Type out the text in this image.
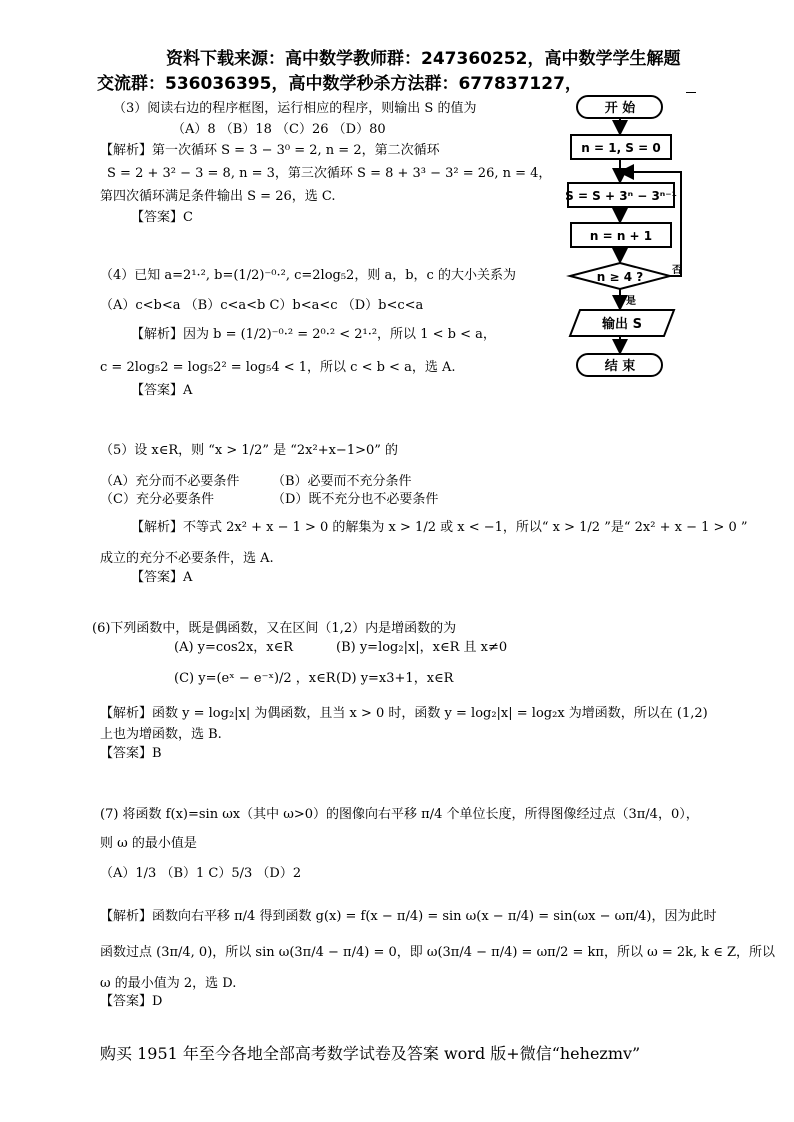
资料下载来源：高中数学教师群：247360252，高中数学学生解题
交流群：536036395，高中数学秒杀方法群：677837127，
（3）阅读右边的程序框图，运行相应的程序，则输出 S 的值为
（A）8 （B）18 （C）26 （D）80
【解析】第一次循环 S = 3 − 3⁰ = 2, n = 2，第二次循环
S = 2 + 3² − 3 = 8, n = 3，第三次循环 S = 8 + 3³ − 3² = 26, n = 4，
第四次循环满足条件输出 S = 26，选 C.
【答案】C
开 始
n = 1, S = 0
S = S + 3ⁿ − 3ⁿ⁻¹
n = n + 1
n ≥ 4 ?	否
是
输出 S
结 束
（4）已知 a=2¹·², b=(1/2)⁻⁰·², c=2log₅2，则 a，b，c 的大小关系为
（A）c<b<a （B）c<a<b C）b<a<c （D）b<c<a
【解析】因为 b = (1/2)⁻⁰·² = 2⁰·² < 2¹·²，所以 1 < b < a，
c = 2log₅2 = log₅2² = log₅4 < 1，所以 c < b < a，选 A.
【答案】A
（5）设 x∈R，则 “x > 1/2” 是 “2x²+x−1>0” 的
（A）充分而不必要条件	（B）必要而不充分条件
（C）充分必要条件	（D）既不充分也不必要条件
【解析】不等式 2x² + x − 1 > 0 的解集为 x > 1/2 或 x < −1，所以“ x > 1/2 ”是“ 2x² + x − 1 > 0 ”
成立的充分不必要条件，选 A.
【答案】A
(6)下列函数中，既是偶函数，又在区间（1,2）内是增函数的为
(A) y=cos2x，x∈R	(B) y=log₂|x|，x∈R 且 x≠0
(C) y=(eˣ − e⁻ˣ)/2 ，x∈R (D) y=x3+1，x∈R
【解析】函数 y = log₂|x| 为偶函数，且当 x > 0 时，函数 y = log₂|x| = log₂x 为增函数，所以在 (1,2)
上也为增函数，选 B.
【答案】B
(7) 将函数 f(x)=sin ωx（其中 ω>0）的图像向右平移 π/4 个单位长度，所得图像经过点（3π/4，0），
则 ω 的最小值是
（A）1/3 （B）1 C）5/3 （D）2
【解析】函数向右平移 π/4 得到函数 g(x) = f(x − π/4) = sin ω(x − π/4) = sin(ωx − ωπ/4)，因为此时
函数过点 (3π/4, 0)，所以 sin ω(3π/4 − π/4) = 0，即 ω(3π/4 − π/4) = ωπ/2 = kπ，所以 ω = 2k, k ∈ Z，所以
ω 的最小值为 2，选 D.
【答案】D
购买 1951 年至今各地全部高考数学试卷及答案 word 版+微信“hehezmv”
